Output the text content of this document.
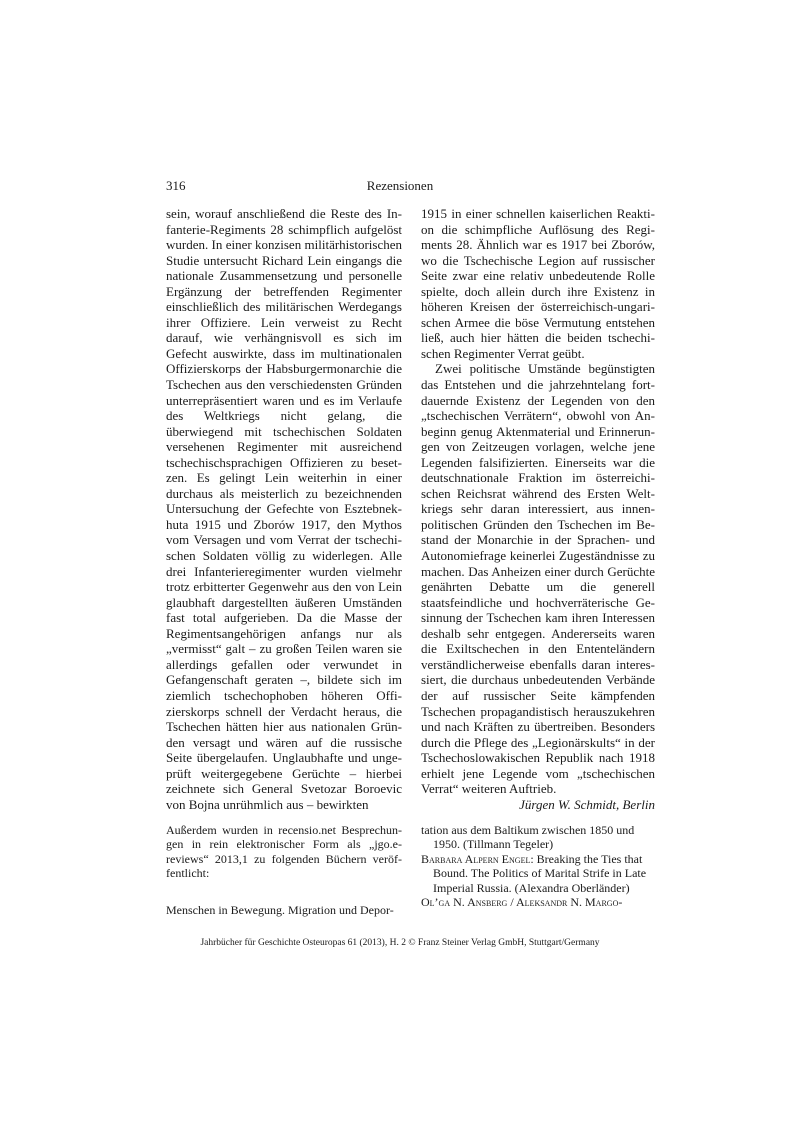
316	Rezensionen

sein, worauf anschließend die Reste des Infanterie-Regiments 28 schimpflich aufgelöst wurden. In einer konzisen militärhistorischen Studie untersucht Richard Lein eingangs die nationale Zusammensetzung und personelle Ergänzung der betreffenden Regimenter einschließlich des militärischen Werdegangs ihrer Offiziere. Lein verweist zu Recht darauf, wie verhängnisvoll es sich im Gefecht auswirkte, dass im multinationalen Offizierskorps der Habsburgermonarchie die Tschechen aus den verschiedensten Gründen unterrepräsentiert waren und es im Verlaufe des Weltkriegs nicht gelang, die überwiegend mit tschechischen Soldaten versehenen Regimenter mit ausreichend tschechischsprachigen Offizieren zu besetzen. Es gelingt Lein weiterhin in einer durchaus als meisterlich zu bezeichnenden Untersuchung der Gefechte von Esztebnekhuta 1915 und Zborów 1917, den Mythos vom Versagen und vom Verrat der tschechischen Soldaten völlig zu widerlegen. Alle drei Infanterieregimenter wurden vielmehr trotz erbitterter Gegenwehr aus den von Lein glaubhaft dargestellten äußeren Umständen fast total aufgerieben. Da die Masse der Regimentsangehörigen anfangs nur als „vermisst“ galt – zu großen Teilen waren sie allerdings gefallen oder verwundet in Gefangenschaft geraten –, bildete sich im ziemlich tschechophoben höheren Offizierskorps schnell der Verdacht heraus, die Tschechen hätten hier aus nationalen Gründen versagt und wären auf die russische Seite übergelaufen. Unglaubhafte und ungeprüft weitergegebene Gerüchte – hierbei zeichnete sich General Svetozar Boroevic von Bojna unrühmlich aus – bewirkten

1915 in einer schnellen kaiserlichen Reaktion die schimpfliche Auflösung des Regiments 28. Ähnlich war es 1917 bei Zborów, wo die Tschechische Legion auf russischer Seite zwar eine relativ unbedeutende Rolle spielte, doch allein durch ihre Existenz in höheren Kreisen der österreichisch-ungarischen Armee die böse Vermutung entstehen ließ, auch hier hätten die beiden tschechischen Regimenter Verrat geübt.

Zwei politische Umstände begünstigten das Entstehen und die jahrzehntelang fortdauernde Existenz der Legenden von den „tschechischen Verrätern“, obwohl von Anbeginn genug Aktenmaterial und Erinnerungen von Zeitzeugen vorlagen, welche jene Legenden falsifizierten. Einerseits war die deutschnationale Fraktion im österreichischen Reichsrat während des Ersten Weltkriegs sehr daran interessiert, aus innenpolitischen Gründen den Tschechen im Bestand der Monarchie in der Sprachen- und Autonomiefrage keinerlei Zugeständnisse zu machen. Das Anheizen einer durch Gerüchte genährten Debatte um die generell staatsfeindliche und hochverräterische Gesinnung der Tschechen kam ihren Interessen deshalb sehr entgegen. Andererseits waren die Exiltschechen in den Ententeländern verständlicherweise ebenfalls daran interessiert, die durchaus unbedeutenden Verbände der auf russischer Seite kämpfenden Tschechen propagandistisch herauszukehren und nach Kräften zu übertreiben. Besonders durch die Pflege des „Legionärskults“ in der Tschechoslowakischen Republik nach 1918 erhielt jene Legende vom „tschechischen Verrat“ weiteren Auftrieb.

Jürgen W. Schmidt, Berlin

Außerdem wurden in recensio.net Besprechungen in rein elektronischer Form als „jgo.e-reviews“ 2013,1 zu folgenden Büchern veröffentlicht:

Menschen in Bewegung. Migration und Depor-

tation aus dem Baltikum zwischen 1850 und 1950. (Tillmann Tegeler)

Barbara Alpern Engel: Breaking the Ties that Bound. The Politics of Marital Strife in Late Imperial Russia. (Alexandra Oberländer)

Ol’ga N. Ansberg / Aleksandr N. Margo-

Jahrbücher für Geschichte Osteuropas 61 (2013), H. 2 © Franz Steiner Verlag GmbH, Stuttgart/Germany
